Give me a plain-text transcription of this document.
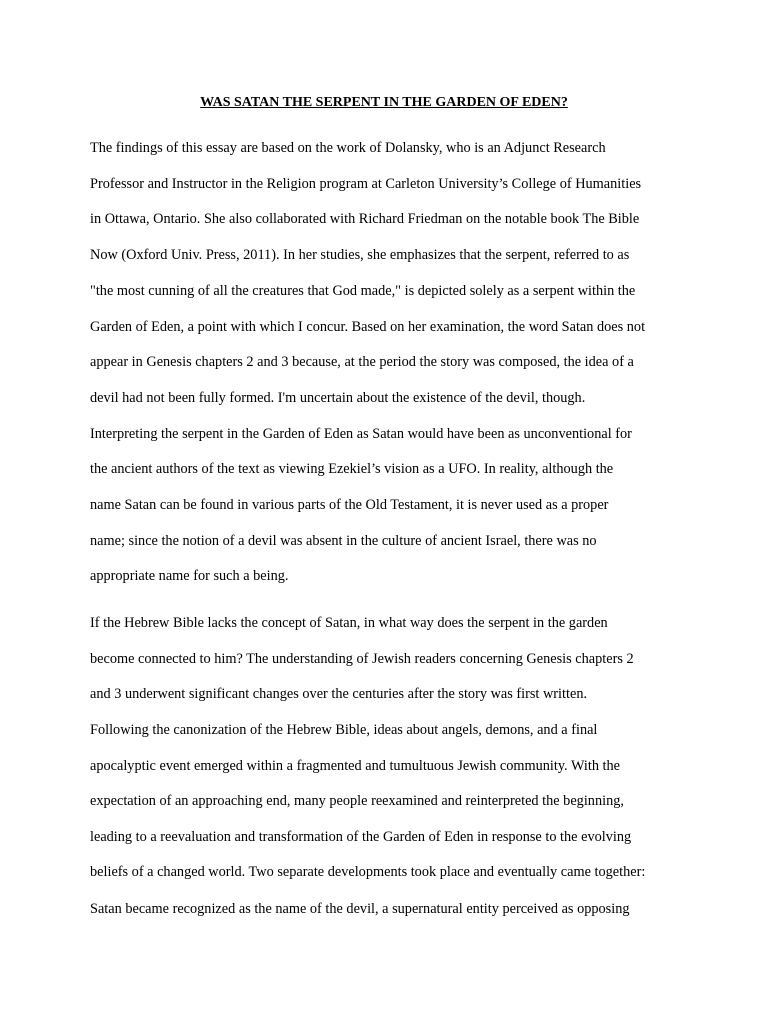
WAS SATAN THE SERPENT IN THE GARDEN OF EDEN?
The findings of this essay are based on the work of Dolansky, who is an Adjunct Research
Professor and Instructor in the Religion program at Carleton University’s College of Humanities
in Ottawa, Ontario. She also collaborated with Richard Friedman on the notable book The Bible
Now (Oxford Univ. Press, 2011). In her studies, she emphasizes that the serpent, referred to as
"the most cunning of all the creatures that God made," is depicted solely as a serpent within the
Garden of Eden, a point with which I concur. Based on her examination, the word Satan does not
appear in Genesis chapters 2 and 3 because, at the period the story was composed, the idea of a
devil had not been fully formed. I'm uncertain about the existence of the devil, though.
Interpreting the serpent in the Garden of Eden as Satan would have been as unconventional for
the ancient authors of the text as viewing Ezekiel’s vision as a UFO. In reality, although the
name Satan can be found in various parts of the Old Testament, it is never used as a proper
name; since the notion of a devil was absent in the culture of ancient Israel, there was no
appropriate name for such a being.
If the Hebrew Bible lacks the concept of Satan, in what way does the serpent in the garden
become connected to him? The understanding of Jewish readers concerning Genesis chapters 2
and 3 underwent significant changes over the centuries after the story was first written.
Following the canonization of the Hebrew Bible, ideas about angels, demons, and a final
apocalyptic event emerged within a fragmented and tumultuous Jewish community. With the
expectation of an approaching end, many people reexamined and reinterpreted the beginning,
leading to a reevaluation and transformation of the Garden of Eden in response to the evolving
beliefs of a changed world. Two separate developments took place and eventually came together:
Satan became recognized as the name of the devil, a supernatural entity perceived as opposing
